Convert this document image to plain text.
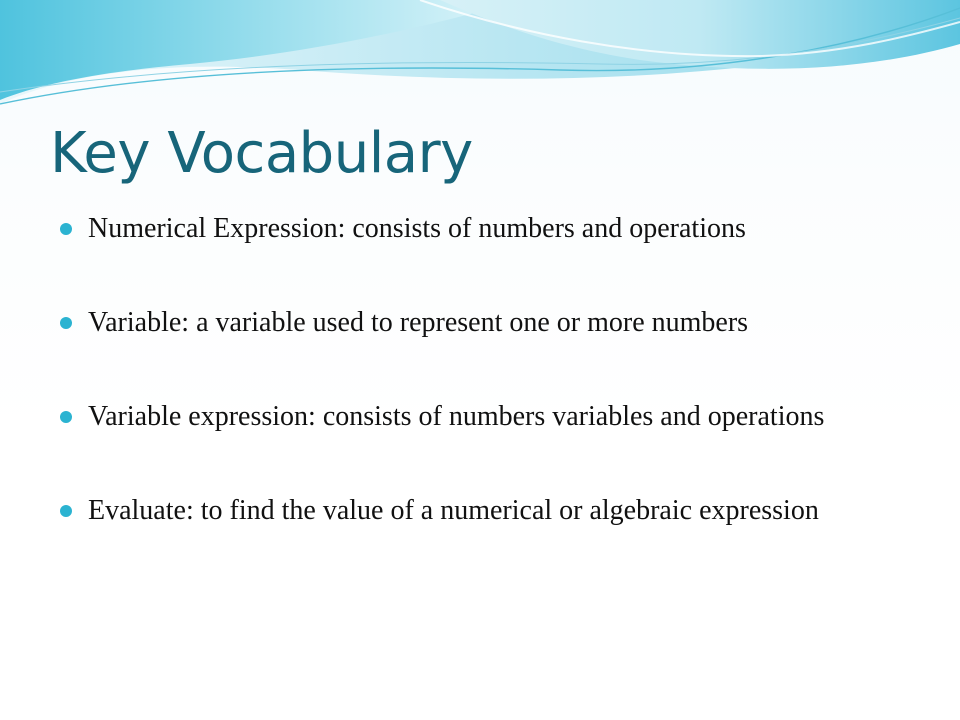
Key Vocabulary
Numerical Expression: consists of numbers and operations
Variable: a variable used to represent one or more numbers
Variable expression: consists of numbers variables and operations
Evaluate: to find the value of a numerical or algebraic expression
